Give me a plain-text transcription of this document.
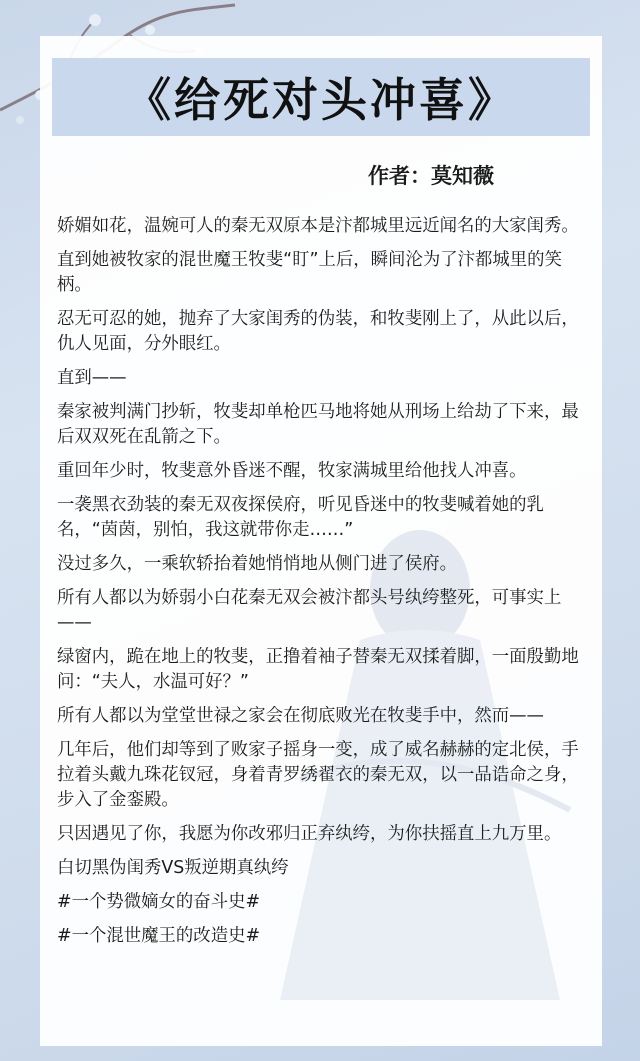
《给死对头冲喜》
作者：莫知薇

娇媚如花，温婉可人的秦无双原本是汴都城里远近闻名的大家闺秀。

直到她被牧家的混世魔王牧斐“盯”上后，瞬间沦为了汴都城里的笑柄。

忍无可忍的她，抛弃了大家闺秀的伪装，和牧斐刚上了，从此以后，仇人见面，分外眼红。

直到——

秦家被判满门抄斩，牧斐却单枪匹马地将她从刑场上给劫了下来，最后双双死在乱箭之下。

重回年少时，牧斐意外昏迷不醒，牧家满城里给他找人冲喜。

一袭黑衣劲装的秦无双夜探侯府，听见昏迷中的牧斐喊着她的乳名，“茵茵，别怕，我这就带你走……”

没过多久，一乘软轿抬着她悄悄地从侧门进了侯府。

所有人都以为娇弱小白花秦无双会被汴都头号纨绔整死，可事实上——

绿窗内，跪在地上的牧斐，正撸着袖子替秦无双揉着脚，一面殷勤地问：“夫人，水温可好？”

所有人都以为堂堂世禄之家会在彻底败光在牧斐手中，然而——

几年后，他们却等到了败家子摇身一变，成了威名赫赫的定北侯，手拉着头戴九珠花钗冠，身着青罗绣翟衣的秦无双，以一品诰命之身，步入了金銮殿。

只因遇见了你，我愿为你改邪归正弃纨绔，为你扶摇直上九万里。

白切黑伪闺秀VS叛逆期真纨绔

#一个势微嫡女的奋斗史#

#一个混世魔王的改造史#
